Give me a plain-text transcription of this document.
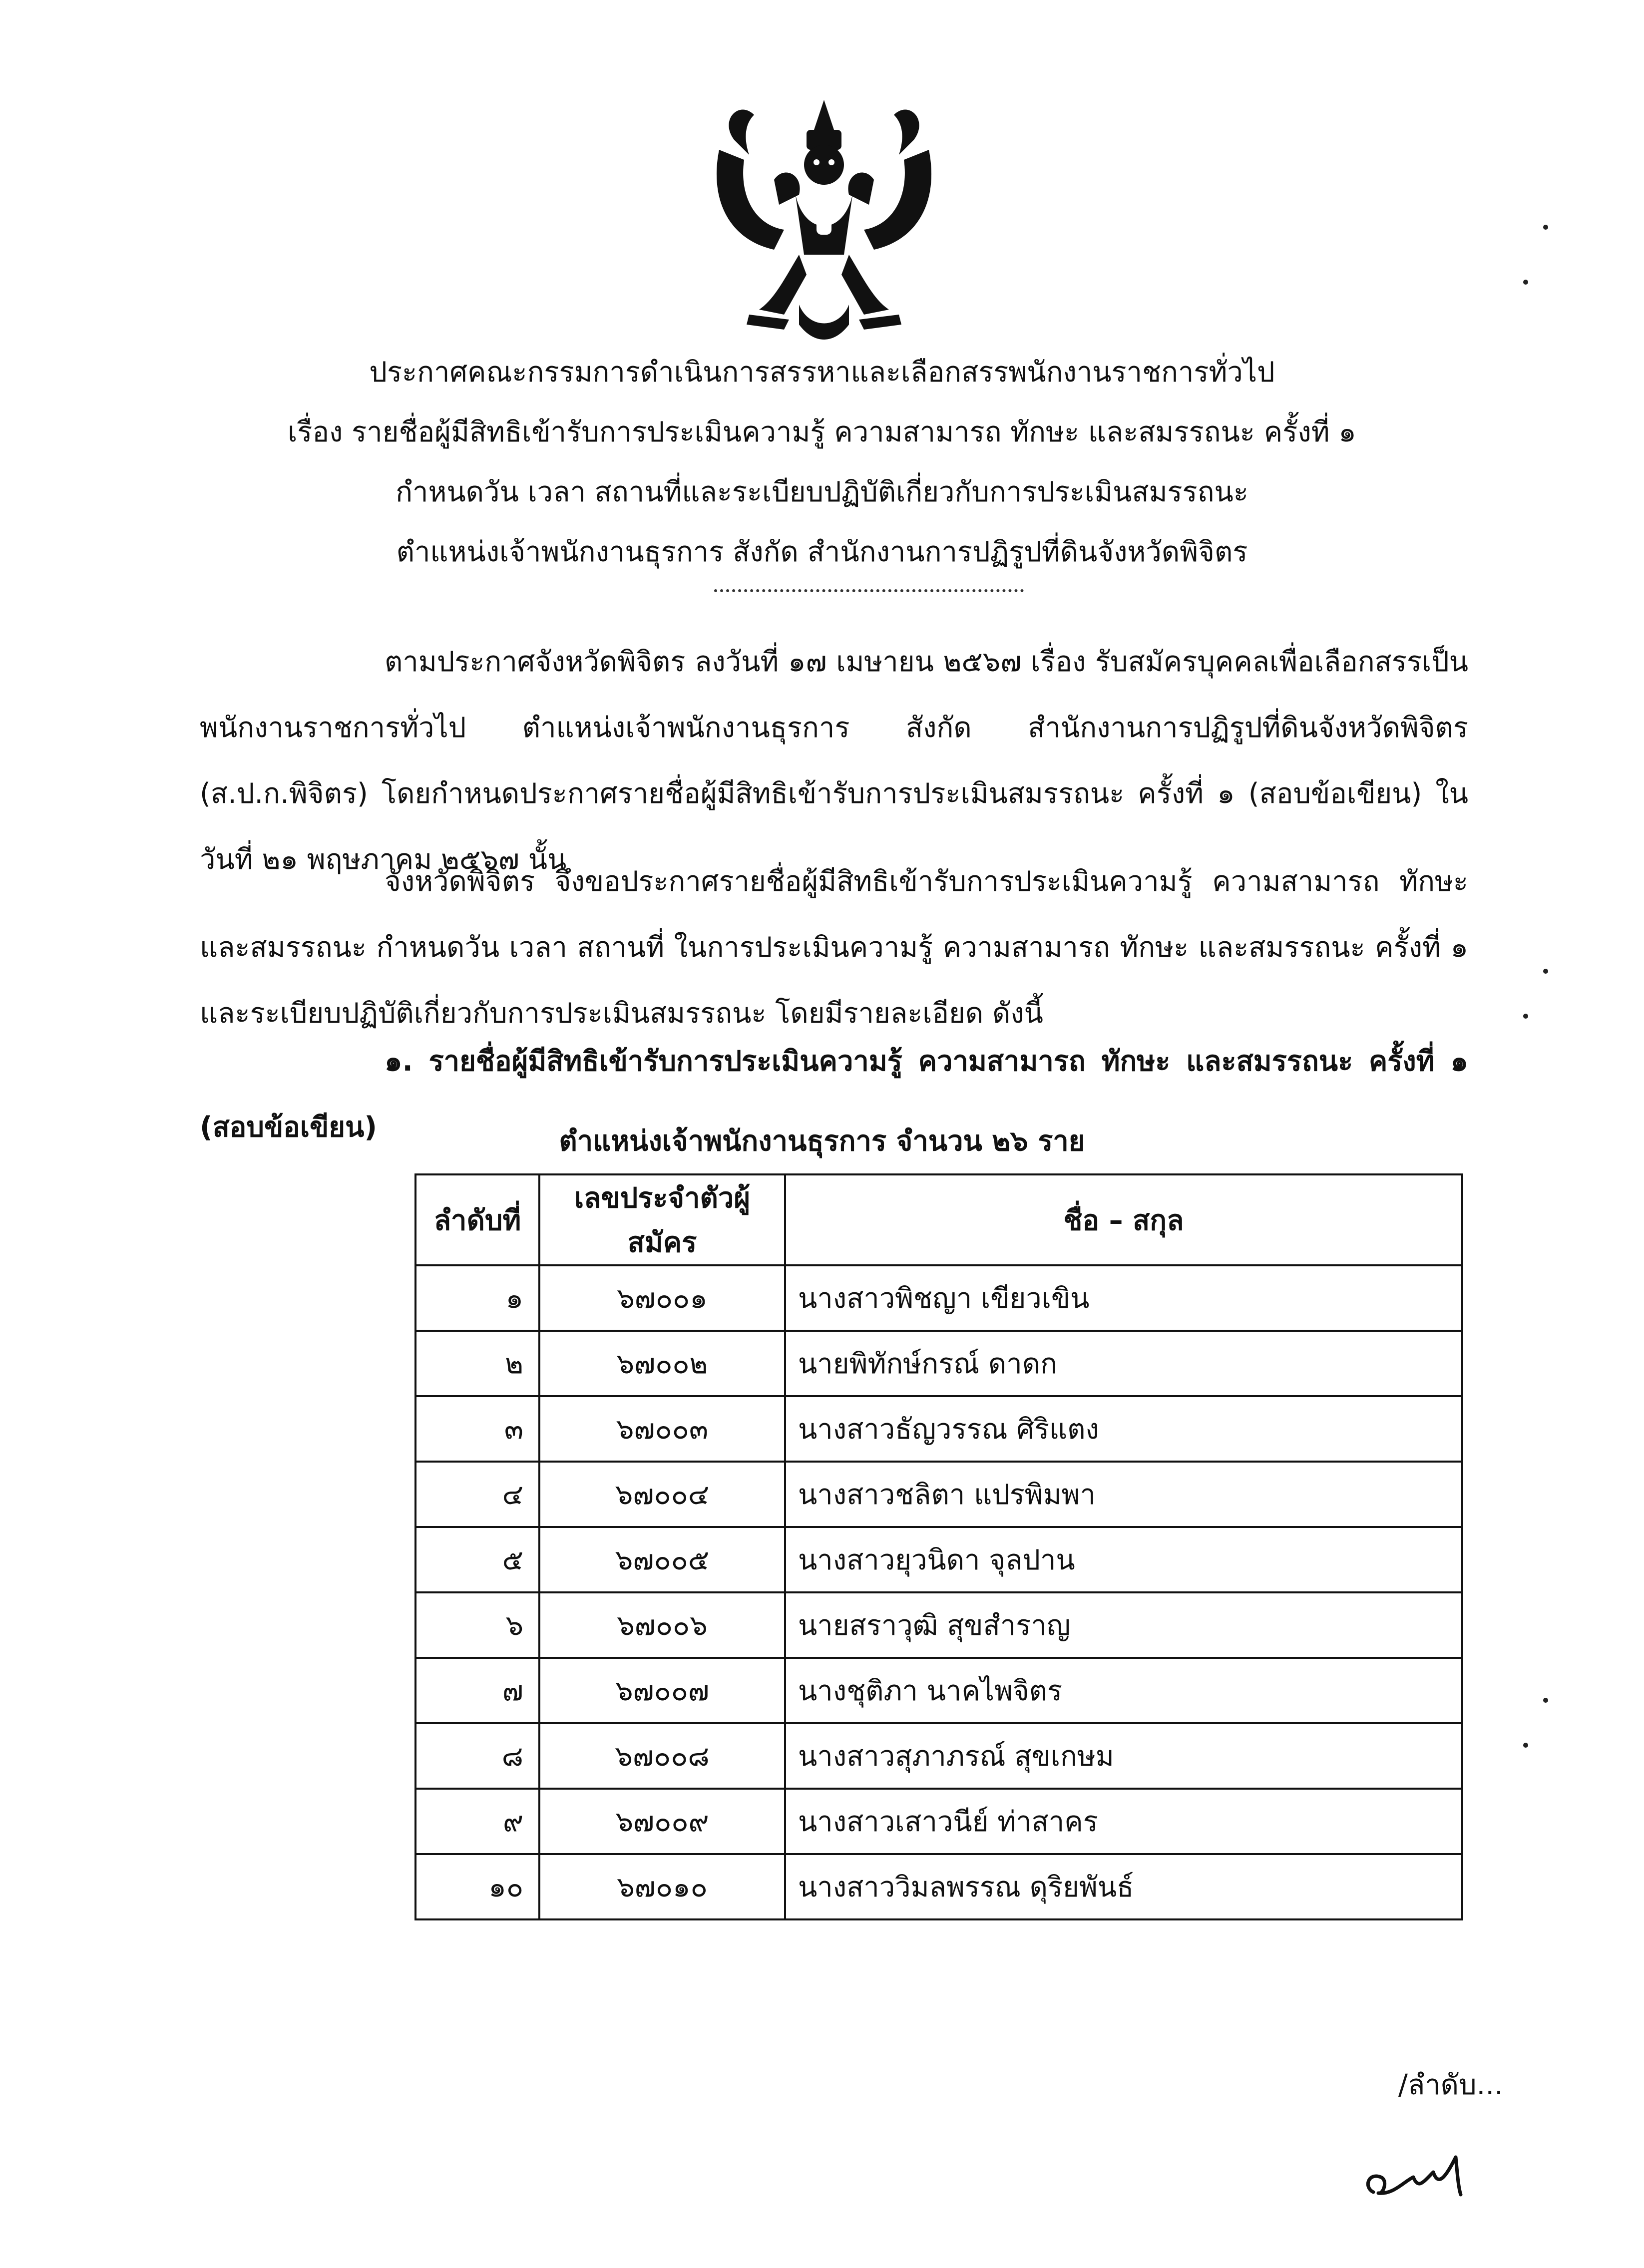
ประกาศคณะกรรมการดำเนินการสรรหาและเลือกสรรพนักงานราชการทั่วไป
เรื่อง รายชื่อผู้มีสิทธิเข้ารับการประเมินความรู้ ความสามารถ ทักษะ และสมรรถนะ ครั้งที่ ๑
กำหนดวัน เวลา สถานที่และระเบียบปฏิบัติเกี่ยวกับการประเมินสมรรถนะ
ตำแหน่งเจ้าพนักงานธุรการ สังกัด สำนักงานการปฏิรูปที่ดินจังหวัดพิจิตร
ตามประกาศจังหวัดพิจิตร ลงวันที่ ๑๗ เมษายน ๒๕๖๗ เรื่อง รับสมัครบุคคลเพื่อเลือกสรรเป็นพนักงานราชการทั่วไป ตำแหน่งเจ้าพนักงานธุรการ สังกัด สำนักงานการปฏิรูปที่ดินจังหวัดพิจิตร (ส.ป.ก.พิจิตร) โดยกำหนดประกาศรายชื่อผู้มีสิทธิเข้ารับการประเมินสมรรถนะ ครั้งที่ ๑ (สอบข้อเขียน) ในวันที่ ๒๑ พฤษภาคม ๒๕๖๗ นั้น
จังหวัดพิจิตร จึงขอประกาศรายชื่อผู้มีสิทธิเข้ารับการประเมินความรู้ ความสามารถ ทักษะ และสมรรถนะ กำหนดวัน เวลา สถานที่ ในการประเมินความรู้ ความสามารถ ทักษะ และสมรรถนะ ครั้งที่ ๑ และระเบียบปฏิบัติเกี่ยวกับการประเมินสมรรถนะ โดยมีรายละเอียด ดังนี้
๑. รายชื่อผู้มีสิทธิเข้ารับการประเมินความรู้ ความสามารถ ทักษะ และสมรรถนะ ครั้งที่ ๑ (สอบข้อเขียน)	ตำแหน่งเจ้าพนักงานธุรการ จำนวน ๒๖ ราย
ลำดับที่	เลขประจำตัวผู้สมัคร	ชื่อ – สกุล
๑	๖๗๐๐๑	นางสาวพิชญา เขียวเขิน
๒	๖๗๐๐๒	นายพิทักษ์กรณ์ ดาดก
๓	๖๗๐๐๓	นางสาวธัญวรรณ ศิริแตง
๔	๖๗๐๐๔	นางสาวชลิตา แปรพิมพา
๕	๖๗๐๐๕	นางสาวยุวนิดา จุลปาน
๖	๖๗๐๐๖	นายสราวุฒิ สุขสำราญ
๗	๖๗๐๐๗	นางชุติภา นาคไพจิตร
๘	๖๗๐๐๘	นางสาวสุภาภรณ์ สุขเกษม
๙	๖๗๐๐๙	นางสาวเสาวนีย์ ท่าสาคร
๑๐	๖๗๐๑๐	นางสาววิมลพรรณ ดุริยพันธ์
/ลำดับ...
